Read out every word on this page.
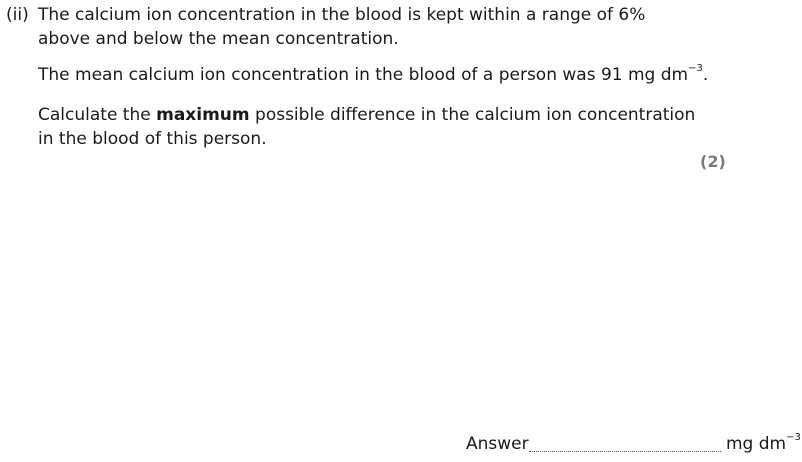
(ii) The calcium ion concentration in the blood is kept within a range of 6%
above and below the mean concentration.
The mean calcium ion concentration in the blood of a person was 91 mg $dm^{-3}$.
Calculate the maximum possible difference in the calcium ion concentration
in the blood of this person.
(2)
Answer	mg $dm^{-3}$
